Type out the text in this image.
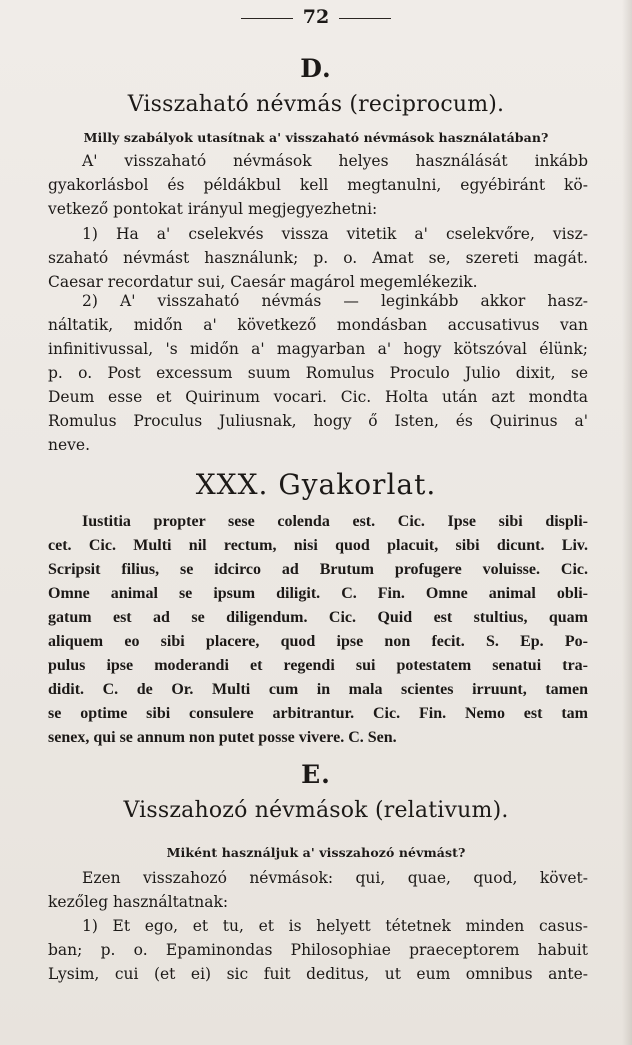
72
D.
Visszaható névmás (reciprocum).
Milly szabályok utasítnak a' visszaható névmások használatában?
A' visszaható névmások helyes használását inkább
gyakorlásbol és példákbul kell megtanulni, egyébiránt kö-
vetkező pontokat irányul megjegyezhetni:
1) Ha a' cselekvés vissza vitetik a' cselekvőre, visz-
szaható névmást használunk; p. o. Amat se, szereti magát.
Caesar recordatur sui, Caesár magárol megemlékezik.
2) A' visszaható névmás — leginkább akkor hasz-
náltatik, midőn a' következő mondásban accusativus van
infinitivussal, 's midőn a' magyarban a' hogy kötszóval élünk;
p. o. Post excessum suum Romulus Proculo Julio dixit, se
Deum esse et Quirinum vocari. Cic. Holta után azt mondta
Romulus Proculus Juliusnak, hogy ő Isten, és Quirinus a'
neve.
XXX. Gyakorlat.
Iustitia propter sese colenda est. Cic. Ipse sibi displi-
cet. Cic. Multi nil rectum, nisi quod placuit, sibi dicunt. Liv.
Scripsit filius, se idcirco ad Brutum profugere voluisse. Cic.
Omne animal se ipsum diligit. C. Fin. Omne animal obli-
gatum est ad se diligendum. Cic. Quid est stultius, quam
aliquem eo sibi placere, quod ipse non fecit. S. Ep. Po-
pulus ipse moderandi et regendi sui potestatem senatui tra-
didit. C. de Or. Multi cum in mala scientes irruunt, tamen
se optime sibi consulere arbitrantur. Cic. Fin. Nemo est tam
senex, qui se annum non putet posse vivere. C. Sen.
E.
Visszahozó névmások (relativum).
Miként használjuk a' visszahozó névmást?
Ezen visszahozó névmások: qui, quae, quod, követ-
kezőleg használtatnak:
1) Et ego, et tu, et is helyett tétetnek minden casus-
ban; p. o. Epaminondas Philosophiae praeceptorem habuit
Lysim, cui (et ei) sic fuit deditus, ut eum omnibus ante-
